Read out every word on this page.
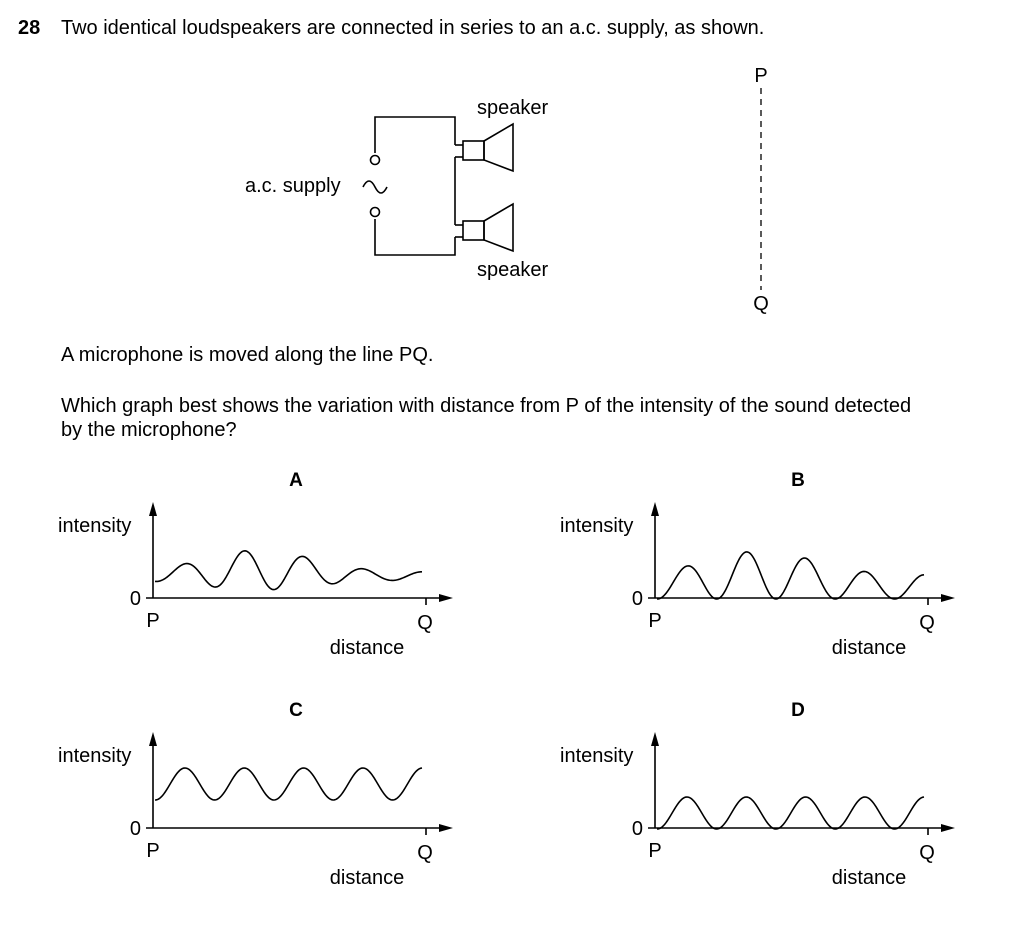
28 Two identical loudspeakers are connected in series to an a.c. supply, as shown.
a.c. supply
speaker
speaker
P
Q
A microphone is moved along the line PQ.
Which graph best shows the variation with distance from P of the intensity of the sound detected
by the microphone?
A
intensity
0
P	Q
distance
B
intensity
0
P	Q
distance
C
intensity
0
P	Q
distance
D
intensity
0
P	Q
distance
